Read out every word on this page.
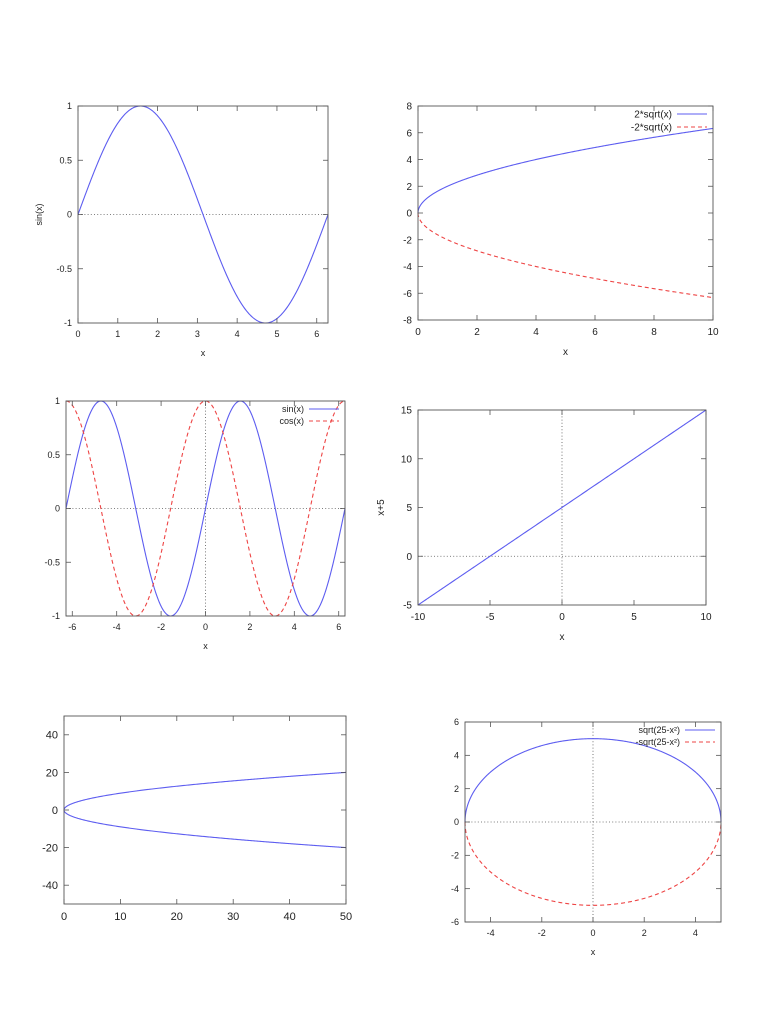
0	1	2	3	4	5	6
-1
-0.5
0
0.5
1
x
sin(x)
0	2	4	6	8	10
-8
-6
-4
-2
0
2
4
6
8
x
2*sqrt(x)
-2*sqrt(x)
-6	-4	-2	0	2	4	6
-1
-0.5
0
0.5
1
x
sin(x)
cos(x)
-10	-5	0	5	10
-5
0
5
10
15
x
x+5
0	10	20	30	40	50
-40
-20
0
20
40
-4	-2	0	2	4
-6
-4
-2
0
2
4
6
x
sqrt(25-x²)
-sqrt(25-x²)
